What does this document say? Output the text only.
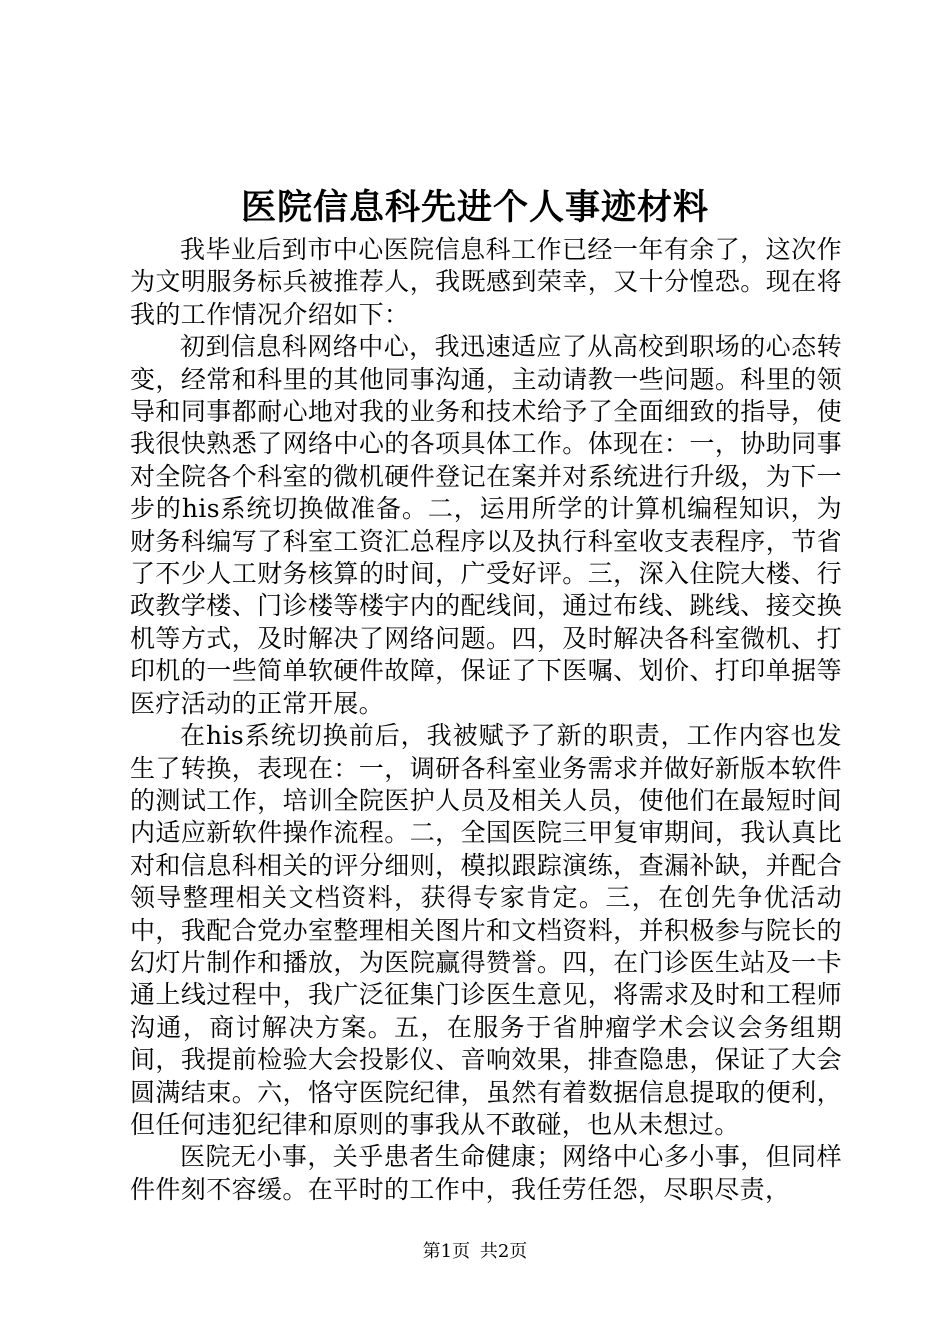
医院信息科先进个人事迹材料

我毕业后到市中心医院信息科工作已经一年有余了，这次作为文明服务标兵被推荐人，我既感到荣幸，又十分惶恐。现在将我的工作情况介绍如下：

初到信息科网络中心，我迅速适应了从高校到职场的心态转变，经常和科里的其他同事沟通，主动请教一些问题。科里的领导和同事都耐心地对我的业务和技术给予了全面细致的指导，使我很快熟悉了网络中心的各项具体工作。体现在：一，协助同事对全院各个科室的微机硬件登记在案并对系统进行升级，为下一步的his系统切换做准备。二，运用所学的计算机编程知识，为财务科编写了科室工资汇总程序以及执行科室收支表程序，节省了不少人工财务核算的时间，广受好评。三，深入住院大楼、行政教学楼、门诊楼等楼宇内的配线间，通过布线、跳线、接交换机等方式，及时解决了网络问题。四，及时解决各科室微机、打印机的一些简单软硬件故障，保证了下医嘱、划价、打印单据等医疗活动的正常开展。

在his系统切换前后，我被赋予了新的职责，工作内容也发生了转换，表现在：一，调研各科室业务需求并做好新版本软件的测试工作，培训全院医护人员及相关人员，使他们在最短时间内适应新软件操作流程。二，全国医院三甲复审期间，我认真比对和信息科相关的评分细则，模拟跟踪演练，查漏补缺，并配合领导整理相关文档资料，获得专家肯定。三，在创先争优活动中，我配合党办室整理相关图片和文档资料，并积极参与院长的幻灯片制作和播放，为医院赢得赞誉。四，在门诊医生站及一卡通上线过程中，我广泛征集门诊医生意见，将需求及时和工程师沟通，商讨解决方案。五，在服务于省肿瘤学术会议会务组期间，我提前检验大会投影仪、音响效果，排查隐患，保证了大会圆满结束。六，恪守医院纪律，虽然有着数据信息提取的便利，但任何违犯纪律和原则的事我从不敢碰，也从未想过。

医院无小事，关乎患者生命健康；网络中心多小事，但同样件件刻不容缓。在平时的工作中，我任劳任怨，尽职尽责，

第1页 共2页
